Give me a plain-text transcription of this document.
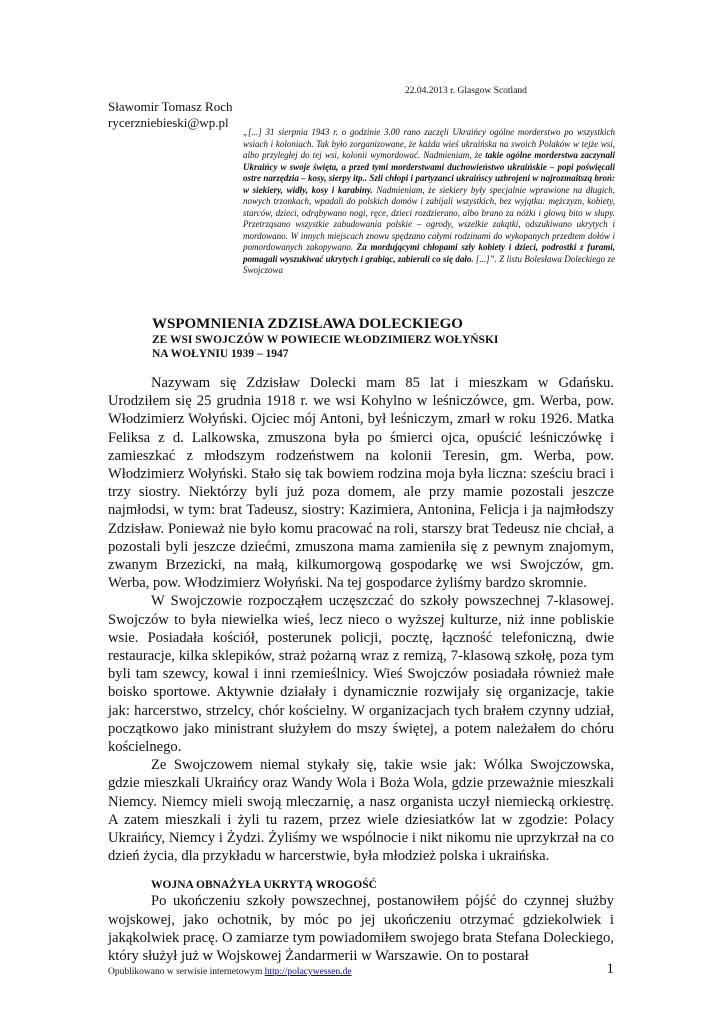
22.04.2013 r. Glasgow Scotland
Sławomir Tomasz Roch
rycerzniebieski@wp.pl
„[...] 31 sierpnia 1943 r. o godzinie 3.00 rano zaczęli Ukraińcy ogólne morderstwo po wszystkich wsiach i koloniach. Tak było zorganizowane, że każda wieś ukraińska na swoich Polaków w tejże wsi, albo przyległej do tej wsi, kolonii wymordować. Nadmieniam, że takie ogólne morderstwa zaczynali Ukraińcy w swoje święta, a przed tymi morderstwami duchowieństwo ukraińskie – popi poświęcali ostre narzędzia – kosy, sierpy itp.. Szli chłopi i partyzanci ukraińscy uzbrojeni w najrozmaitszą broń: w siekiery, widły, kosy i karabiny. Nadmieniam, że siekiery były specjalnie wprawione na długich, nowych trzonkach, wpadali do polskich domów i zabijali wszystkich, bez wyjątku: mężczyzn, kobiety, starców, dzieci, odrąbywano nogi, ręce, dzieci rozdzierano, albo brano za nóżki i głową bito w słupy. Przetrząsano wszystkie zabudowania polskie – ogrody, wszelkie zakątki, odszukiwano ukrytych i mordowano. W innych miejscach znowu spędzano całymi rodzinami do wykopanych przedtem dołów i pomordowanych zakopywano. Za mordującymi chłopami szły kobiety i dzieci, podrostki z furami, pomagali wyszukiwać ukrytych i grabiąc, zabierali co się dało. [...]”. Z listu Bolesława Doleckiego ze Swojczowa
WSPOMNIENIA ZDZISŁAWA DOLECKIEGO
ZE WSI SWOJCZÓW W POWIECIE WŁODZIMIERZ WOŁYŃSKI
NA WOŁYNIU 1939 – 1947

Nazywam się Zdzisław Dolecki mam 85 lat i mieszkam w Gdańsku. Urodziłem się 25 grudnia 1918 r. we wsi Kohylno w leśniczówce, gm. Werba, pow. Włodzimierz Wołyński. Ojciec mój Antoni, był leśniczym, zmarł w roku 1926. Matka Feliksa z d. Lalkowska, zmuszona była po śmierci ojca, opuścić leśniczówkę i zamieszkać z młodszym rodzeństwem na kolonii Teresin, gm. Werba, pow. Włodzimierz Wołyński. Stało się tak bowiem rodzina moja była liczna: sześciu braci i trzy siostry. Niektórzy byli już poza domem, ale przy mamie pozostali jeszcze najmłodsi, w tym: brat Tadeusz, siostry: Kazimiera, Antonina, Felicja i ja najmłodszy Zdzisław. Ponieważ nie było komu pracować na roli, starszy brat Tedeusz nie chciał, a pozostali byli jeszcze dziećmi, zmuszona mama zamieniła się z pewnym znajomym, zwanym Brzezicki, na małą, kilkumorgową gospodarkę we wsi Swojczów, gm. Werba, pow. Włodzimierz Wołyński. Na tej gospodarce żyliśmy bardzo skromnie.

W Swojczowie rozpocząłem uczęszczać do szkoły powszechnej 7-klasowej. Swojczów to była niewielka wieś, lecz nieco o wyższej kulturze, niż inne pobliskie wsie. Posiadała kościół, posterunek policji, pocztę, łączność telefoniczną, dwie restauracje, kilka sklepików, straż pożarną wraz z remizą, 7-klasową szkołę, poza tym byli tam szewcy, kowal i inni rzemieślnicy. Wieś Swojczów posiadała również małe boisko sportowe. Aktywnie działały i dynamicznie rozwijały się organizacje, takie jak: harcerstwo, strzelcy, chór kościelny. W organizacjach tych brałem czynny udział, początkowo jako ministrant służyłem do mszy świętej, a potem należałem do chóru kościelnego.

Ze Swojczowem niemal stykały się, takie wsie jak: Wólka Swojczowska, gdzie mieszkali Ukraińcy oraz Wandy Wola i Boża Wola, gdzie przeważnie mieszkali Niemcy. Niemcy mieli swoją mleczarnię, a nasz organista uczył niemiecką orkiestrę. A zatem mieszkali i żyli tu razem, przez wiele dziesiatków lat w zgodzie: Polacy Ukraińcy, Niemcy i Żydzi. Żyliśmy we wspólnocie i nikt nikomu nie uprzykrzał na co dzień życia, dla przykładu w harcerstwie, była młodzież polska i ukraińska.

WOJNA OBNAŻYŁA UKRYTĄ WROGOŚĆ

Po ukończeniu szkoły powszechnej, postanowiłem pójść do czynnej służby wojskowej, jako ochotnik, by móc po jej ukończeniu otrzymać gdziekolwiek i jakąkolwiek pracę. O zamiarze tym powiadomiłem swojego brata Stefana Doleckiego, który służył już w Wojskowej Żandarmerii w Warszawie. On to postarał

Opublikowano w serwisie internetowym http://polacywessen.de	1
